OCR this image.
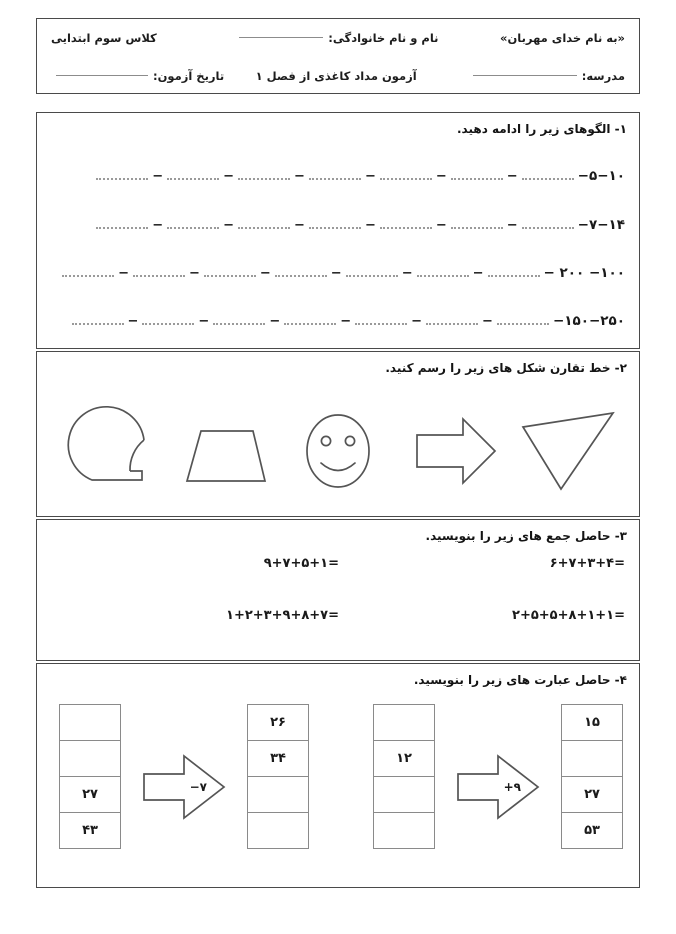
«به نام خدای مهربان»
نام و نام خانوادگی:
کلاس سوم ابتدایی
مدرسه:
آزمون مداد کاغذی از فصل ۱
تاریخ آزمون:
۱- الگوهای زیر را ادامه دهید.
۵−۱۰−
−
−
−
−
−
−
۷−۱۴−
−
−
−
−
−
−
۱۰۰− ۲۰۰ −
−
−
−
−
−
−
۱۵۰−۲۵۰−
−
−
−
−
−
−
۲- خط تقارن شکل های زیر را رسم کنید.
۳- حاصل جمع های زیر را بنویسید.
۶+۷+۳+۴=
۹+۷+۵+۱=
۲+۵+۵+۸+۱+۱=
۱+۲+۳+۹+۸+۷=
۴- حاصل عبارت های زیر را بنویسید.
۱۵
۲۷
۵۳
+۹
۱۲
۲۶
۳۴
−۷
۲۷
۴۳
